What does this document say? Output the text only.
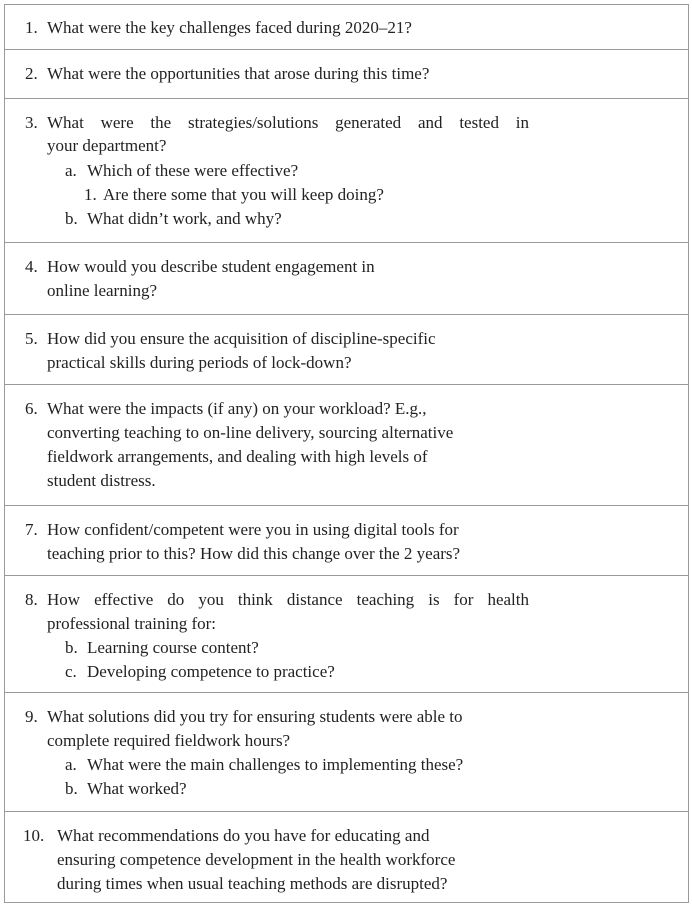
1. What were the key challenges faced during 2020–21?
2. What were the opportunities that arose during this time?
3. What were the strategies/solutions generated and tested in
your department?
a. Which of these were effective?
1. Are there some that you will keep doing?
b. What didn’t work, and why?
4. How would you describe student engagement in
online learning?
5. How did you ensure the acquisition of discipline-specific
practical skills during periods of lock-down?
6. What were the impacts (if any) on your workload? E.g.,
converting teaching to on-line delivery, sourcing alternative
fieldwork arrangements, and dealing with high levels of
student distress.
7. How confident/competent were you in using digital tools for
teaching prior to this? How did this change over the 2 years?
8. How effective do you think distance teaching is for health
professional training for:
b. Learning course content?
c. Developing competence to practice?
9. What solutions did you try for ensuring students were able to
complete required fieldwork hours?
a. What were the main challenges to implementing these?
b. What worked?
10. What recommendations do you have for educating and
ensuring competence development in the health workforce
during times when usual teaching methods are disrupted?
